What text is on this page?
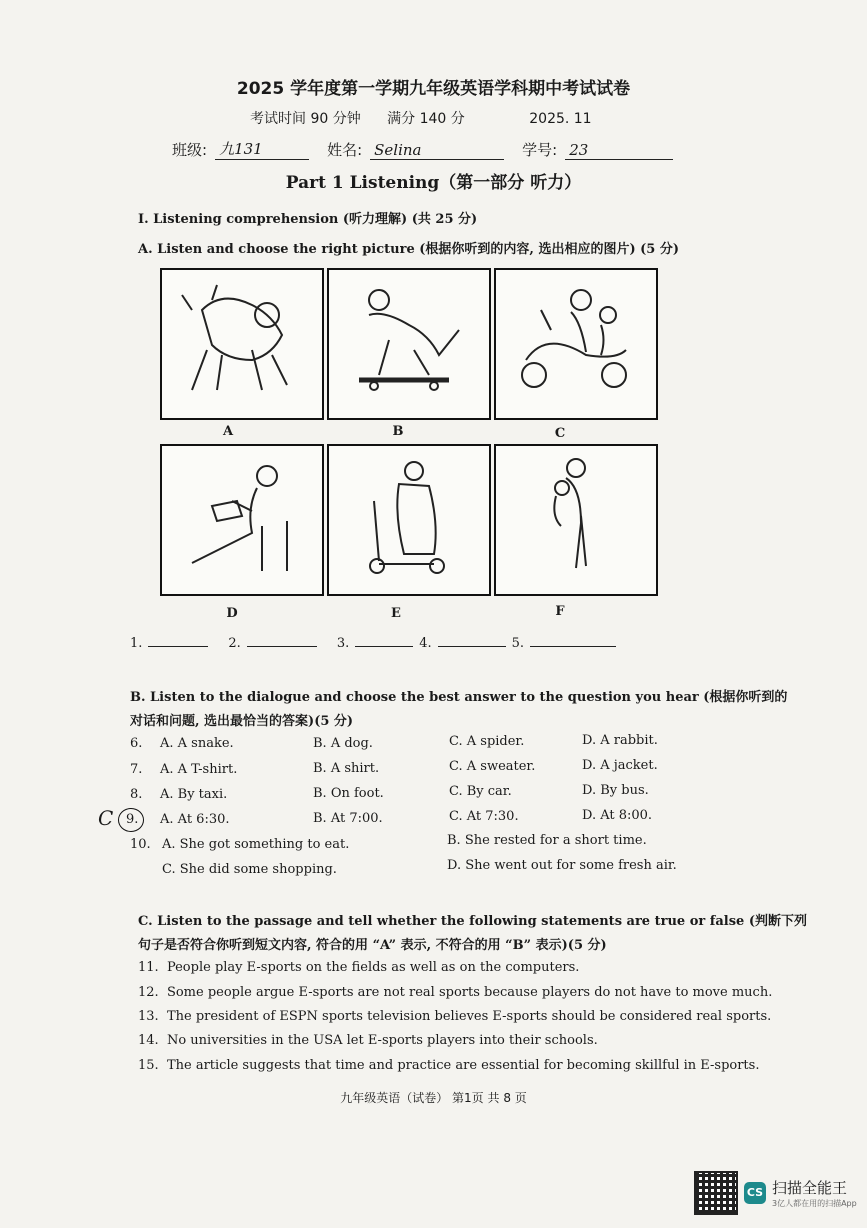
2025 学年度第一学期九年级英语学科期中考试试卷
考试时间 90 分钟 满分 140 分	2025. 11
班级: 九131	姓名: Selina	学号: 23
Part 1 Listening（第一部分 听力）
I. Listening comprehension (听力理解) (共 25 分)
A. Listen and choose the right picture (根据你听到的内容, 选出相应的图片) (5 分)
A	B	C
D	E	F
1.	2.	3.	4.	5.
B. Listen to the dialogue and choose the best answer to the question you hear (根据你听到的
对话和问题, 选出最恰当的答案)(5 分)
6. A. A snake.	B. A dog.	C. A spider.	D. A rabbit.
7. A. A T-shirt.	B. A shirt.	C. A sweater.	D. A jacket.
8. A. By taxi.	B. On foot.	C. By car.	D. By bus.
C 9. A. At 6:30.	B. At 7:00.	C. At 7:30.	D. At 8:00.
10. A. She got something to eat.	B. She rested for a short time.
C. She did some shopping.	D. She went out for some fresh air.
C. Listen to the passage and tell whether the following statements are true or false (判断下列
句子是否符合你听到短文内容, 符合的用 “A” 表示, 不符合的用 “B” 表示)(5 分)
11. People play E-sports on the fields as well as on the computers.
12. Some people argue E-sports are not real sports because players do not have to move much.
13. The president of ESPN sports television believes E-sports should be considered real sports.
14. No universities in the USA let E-sports players into their schools.
15. The article suggests that time and practice are essential for becoming skillful in E-sports.
九年级英语（试卷） 第1页 共 8 页
CS 扫描全能王
3亿人都在用的扫描App
